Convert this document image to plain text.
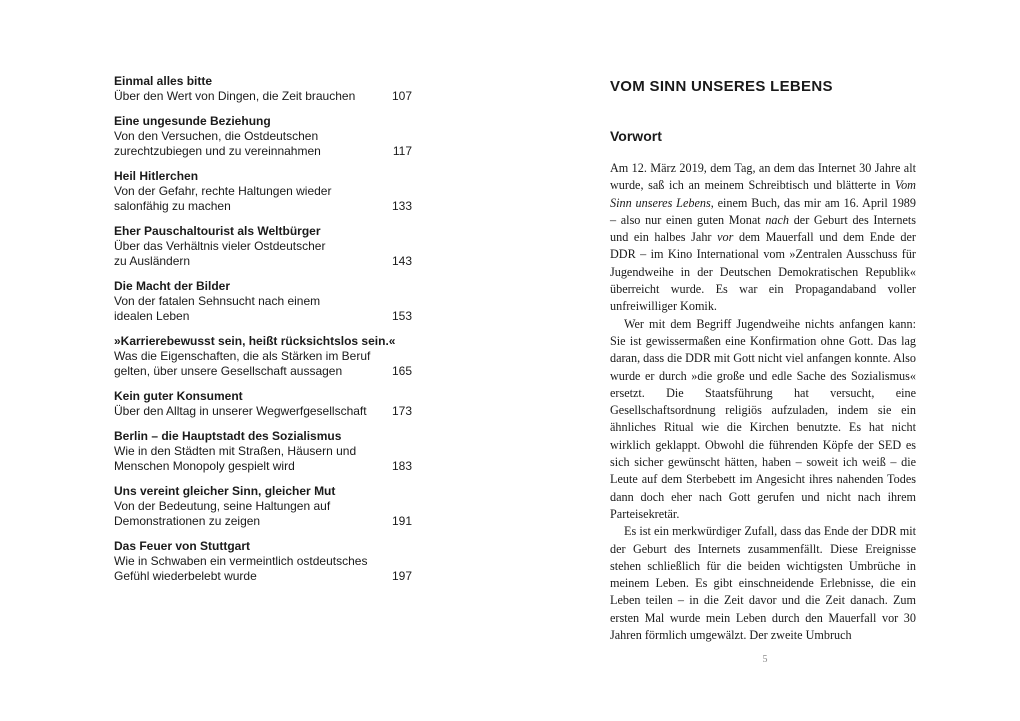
Einmal alles bitte
Über den Wert von Dingen, die Zeit brauchen	107
Eine ungesunde Beziehung
Von den Versuchen, die Ostdeutschen
zurechtzubiegen und zu vereinnahmen	117
Heil Hitlerchen
Von der Gefahr, rechte Haltungen wieder
salonfähig zu machen	133
Eher Pauschaltourist als Weltbürger
Über das Verhältnis vieler Ostdeutscher
zu Ausländern	143
Die Macht der Bilder
Von der fatalen Sehnsucht nach einem
idealen Leben	153
»Karrierebewusst sein, heißt rücksichtslos sein.«
Was die Eigenschaften, die als Stärken im Beruf
gelten, über unsere Gesellschaft aussagen	165
Kein guter Konsument
Über den Alltag in unserer Wegwerfgesellschaft	173
Berlin – die Hauptstadt des Sozialismus
Wie in den Städten mit Straßen, Häusern und
Menschen Monopoly gespielt wird	183
Uns vereint gleicher Sinn, gleicher Mut
Von der Bedeutung, seine Haltungen auf
Demonstrationen zu zeigen	191
Das Feuer von Stuttgart
Wie in Schwaben ein vermeintlich ostdeutsches
Gefühl wiederbelebt wurde	197
VOM SINN UNSERES LEBENS
Vorwort

Am 12. März 2019, dem Tag, an dem das Internet 30 Jahre alt wurde, saß ich an meinem Schreibtisch und blätterte in Vom Sinn unseres Lebens, einem Buch, das mir am 16. April 1989 – also nur einen guten Monat nach der Geburt des Internets und ein halbes Jahr vor dem Mauerfall und dem Ende der DDR – im Kino International vom »Zentralen Ausschuss für Jugendweihe in der Deutschen Demokratischen Republik« überreicht wurde. Es war ein Propagandaband voller unfreiwilliger Komik.

Wer mit dem Begriff Jugendweihe nichts anfangen kann: Sie ist gewissermaßen eine Konfirmation ohne Gott. Das lag daran, dass die DDR mit Gott nicht viel anfangen konnte. Also wurde er durch »die große und edle Sache des Sozialismus« ersetzt. Die Staatsführung hat versucht, eine Gesellschaftsordnung religiös aufzuladen, indem sie ein ähnliches Ritual wie die Kirchen benutzte. Es hat nicht wirklich geklappt. Obwohl die führenden Köpfe der SED es sich sicher gewünscht hätten, haben – soweit ich weiß – die Leute auf dem Sterbebett im Angesicht ihres nahenden Todes dann doch eher nach Gott gerufen und nicht nach ihrem Parteisekretär.

Es ist ein merkwürdiger Zufall, dass das Ende der DDR mit der Geburt des Internets zusammenfällt. Diese Ereignisse stehen schließlich für die beiden wichtigsten Umbrüche in meinem Leben. Es gibt einschneidende Erlebnisse, die ein Leben teilen – in die Zeit davor und die Zeit danach. Zum ersten Mal wurde mein Leben durch den Mauerfall vor 30 Jahren förmlich umgewälzt. Der zweite Umbruch

5
